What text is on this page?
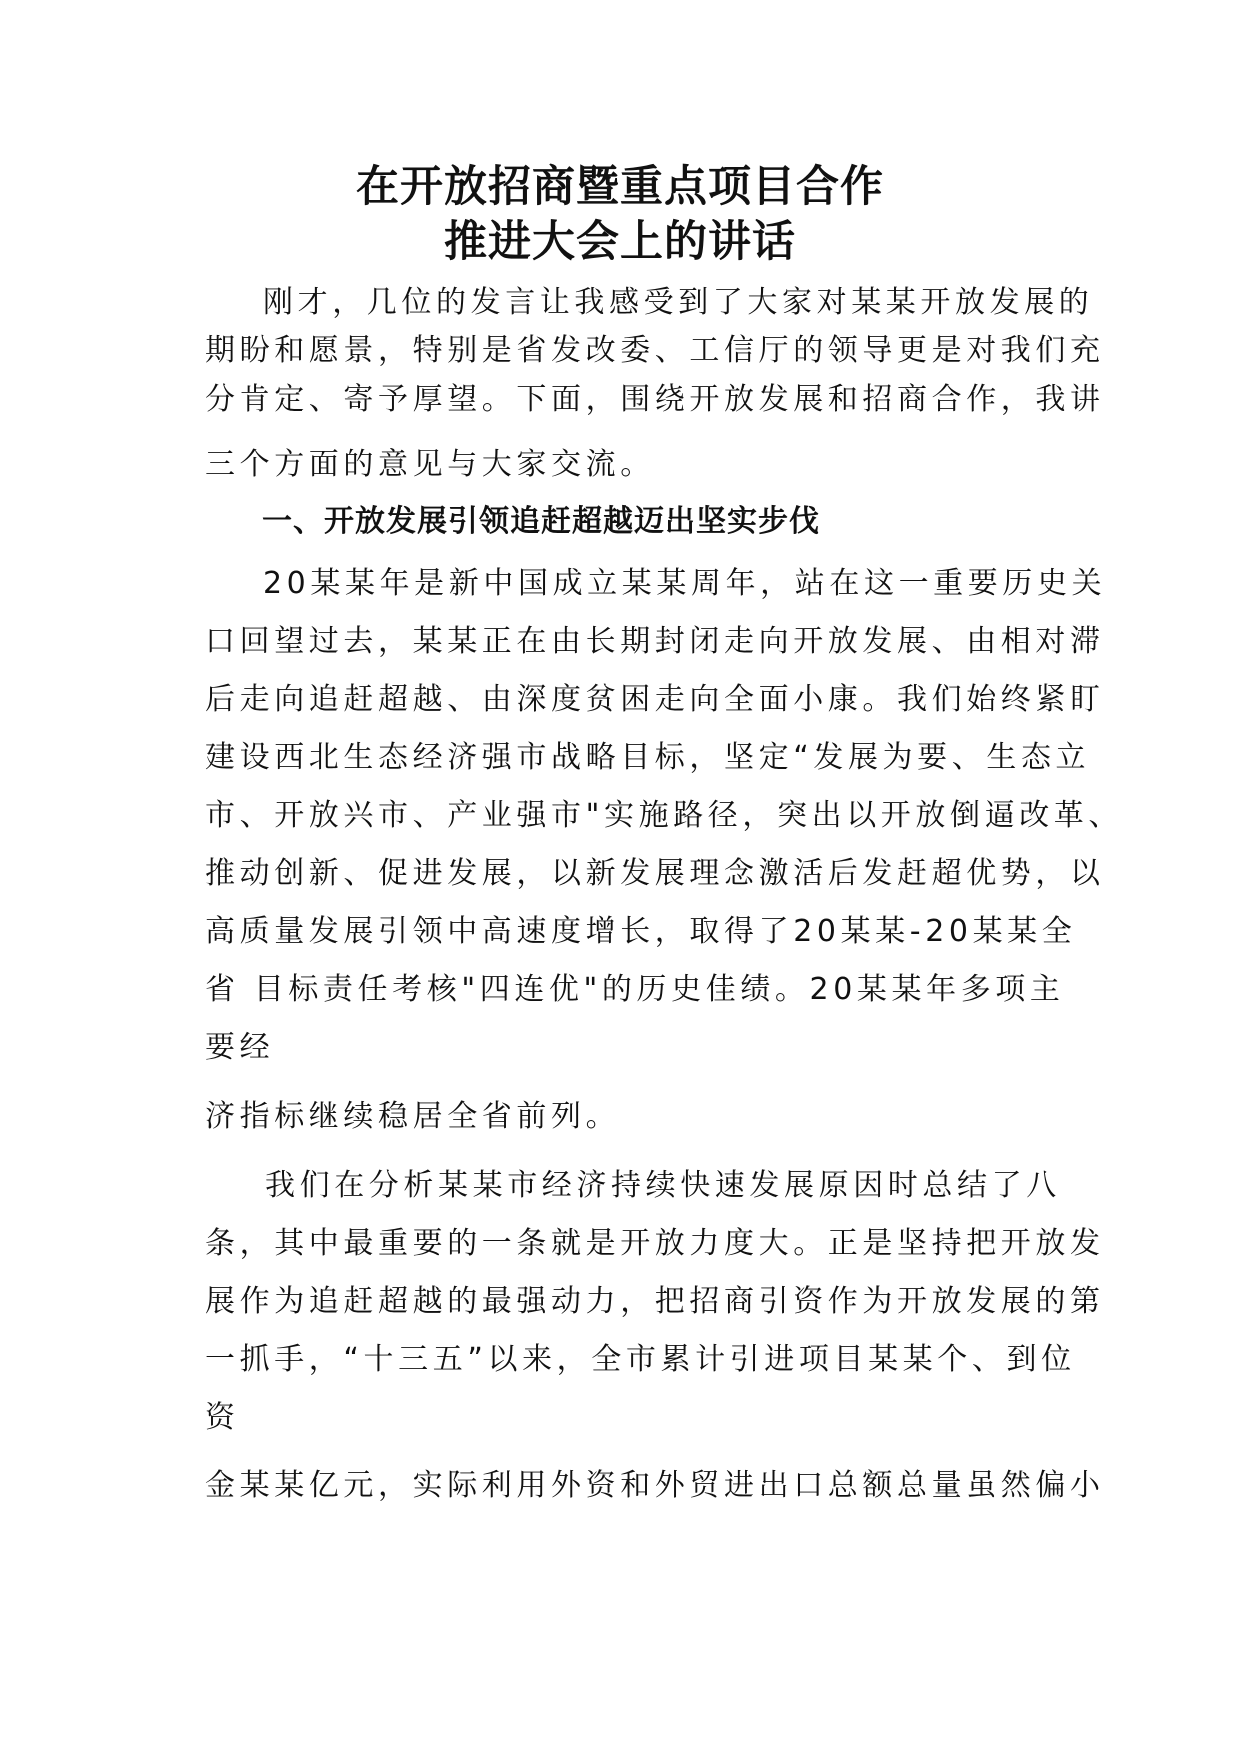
在开放招商暨重点项目合作
推进大会上的讲话

刚才，几位的发言让我感受到了大家对某某开放发展的

期盼和愿景，特别是省发改委、工信厅的领导更是对我们充

分肯定、寄予厚望。下面，围绕开放发展和招商合作，我讲

三个方面的意见与大家交流。

一、开放发展引领追赶超越迈出坚实步伐

20某某年是新中国成立某某周年，站在这一重要历史关

口回望过去，某某正在由长期封闭走向开放发展、由相对滞

后走向追赶超越、由深度贫困走向全面小康。我们始终紧盯

建设西北生态经济强市战略目标，坚定“发展为要、生态立

市、开放兴市、产业强市"实施路径，突出以开放倒逼改革、

推动创新、促进发展，以新发展理念激活后发赶超优势，以

高质量发展引领中高速度增长，取得了20某某-20某某全

省 目标责任考核"四连优"的历史佳绩。20某某年多项主

要经

济指标继续稳居全省前列。

我们在分析某某市经济持续快速发展原因时总结了八

条，其中最重要的一条就是开放力度大。正是坚持把开放发

展作为追赶超越的最强动力，把招商引资作为开放发展的第

一抓手，“十三五”以来，全市累计引进项目某某个、到位

资

金某某亿元，实际利用外资和外贸进出口总额总量虽然偏小
